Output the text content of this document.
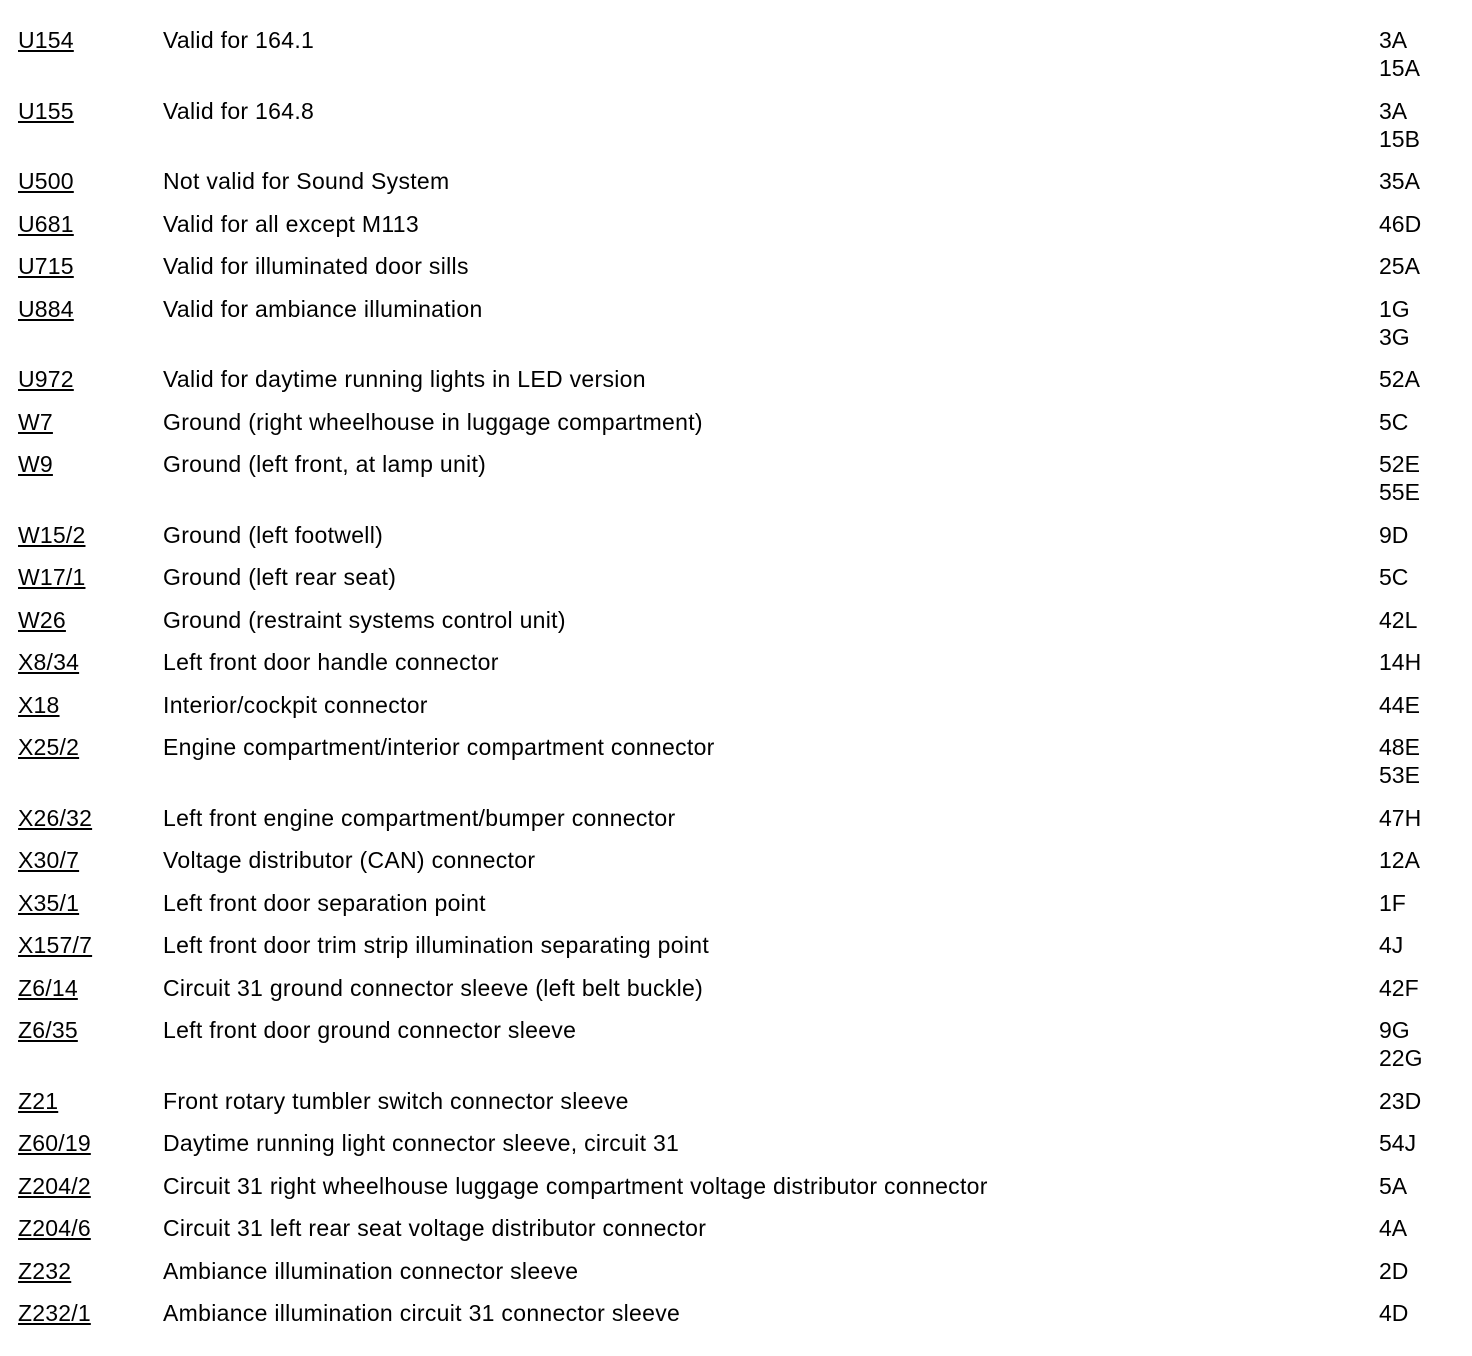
U154	Valid for 164.1	3A
15A
U155	Valid for 164.8	3A
15B
U500	Not valid for Sound System	35A
U681	Valid for all except M113	46D
U715	Valid for illuminated door sills	25A
U884	Valid for ambiance illumination	1G
3G
U972	Valid for daytime running lights in LED version	52A
W7	Ground (right wheelhouse in luggage compartment)	5C
W9	Ground (left front, at lamp unit)	52E
55E
W15/2	Ground (left footwell)	9D
W17/1	Ground (left rear seat)	5C
W26	Ground (restraint systems control unit)	42L
X8/34	Left front door handle connector	14H
X18	Interior/cockpit connector	44E
X25/2	Engine compartment/interior compartment connector	48E
53E
X26/32	Left front engine compartment/bumper connector	47H
X30/7	Voltage distributor (CAN) connector	12A
X35/1	Left front door separation point	1F
X157/7	Left front door trim strip illumination separating point	4J
Z6/14	Circuit 31 ground connector sleeve (left belt buckle)	42F
Z6/35	Left front door ground connector sleeve	9G
22G
Z21	Front rotary tumbler switch connector sleeve	23D
Z60/19	Daytime running light connector sleeve, circuit 31	54J
Z204/2	Circuit 31 right wheelhouse luggage compartment voltage distributor connector	5A
Z204/6	Circuit 31 left rear seat voltage distributor connector	4A
Z232	Ambiance illumination connector sleeve	2D
Z232/1	Ambiance illumination circuit 31 connector sleeve	4D
